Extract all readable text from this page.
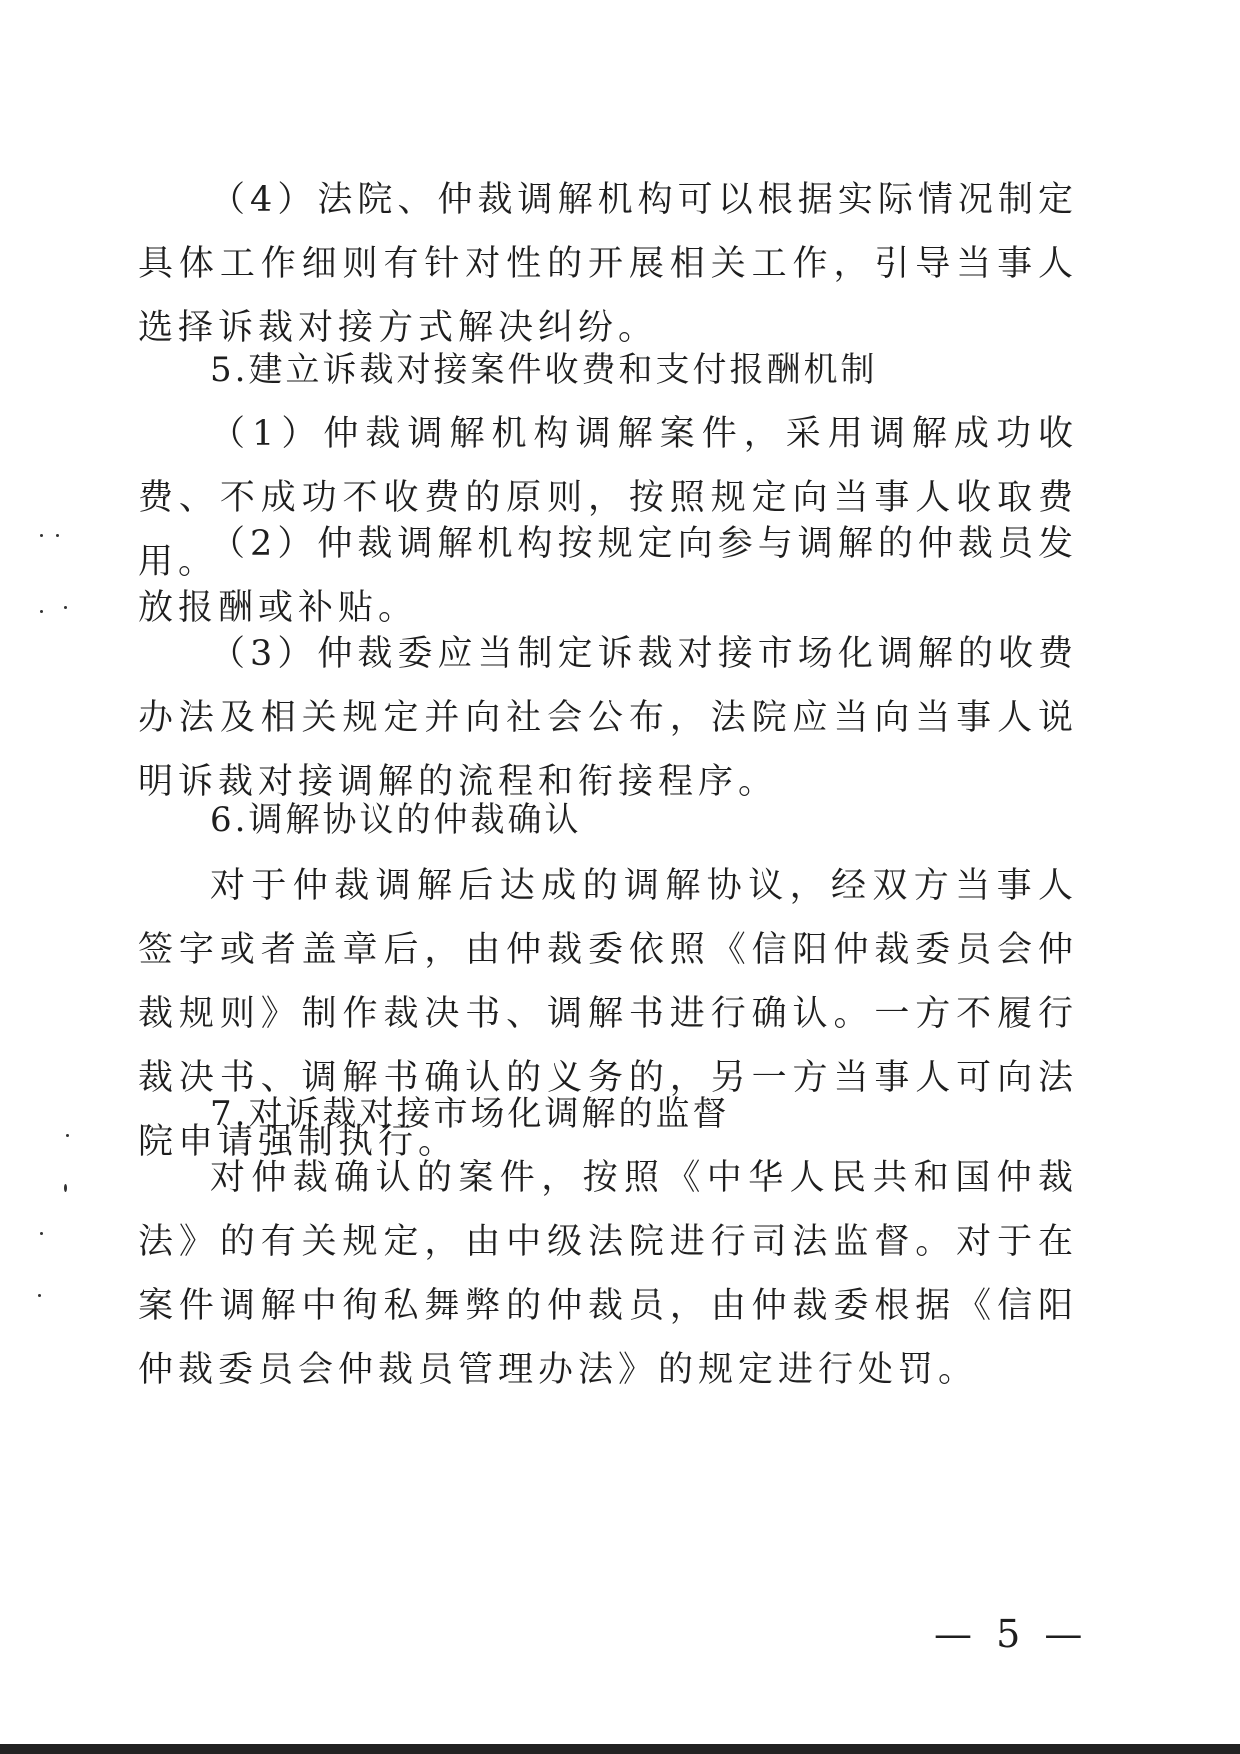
（4）法院、仲裁调解机构可以根据实际情况制定具体工作细则有针对性的开展相关工作，引导当事人选择诉裁对接方式解决纠纷。

5.建立诉裁对接案件收费和支付报酬机制

（1）仲裁调解机构调解案件，采用调解成功收费、不成功不收费的原则，按照规定向当事人收取费用。

（2）仲裁调解机构按规定向参与调解的仲裁员发放报酬或补贴。

（3）仲裁委应当制定诉裁对接市场化调解的收费办法及相关规定并向社会公布，法院应当向当事人说明诉裁对接调解的流程和衔接程序。

6.调解协议的仲裁确认

对于仲裁调解后达成的调解协议，经双方当事人签字或者盖章后，由仲裁委依照《信阳仲裁委员会仲裁规则》制作裁决书、调解书进行确认。一方不履行裁决书、调解书确认的义务的，另一方当事人可向法院申请强制执行。

7.对诉裁对接市场化调解的监督

对仲裁确认的案件，按照《中华人民共和国仲裁法》的有关规定，由中级法院进行司法监督。对于在案件调解中徇私舞弊的仲裁员，由仲裁委根据《信阳仲裁委员会仲裁员管理办法》的规定进行处罚。

— 5 —
